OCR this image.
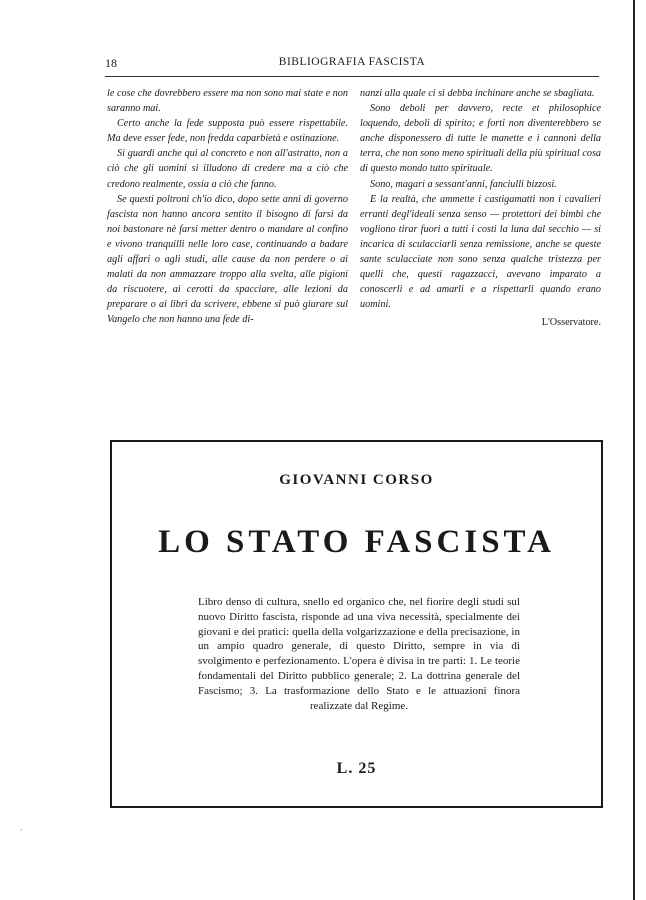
18	BIBLIOGRAFIA FASCISTA

le cose che dovrebbero essere ma non sono mai state e non saranno mai.

Certo anche la fede supposta può essere rispettabile. Ma deve esser fede, non fredda caparbietà e ostinazione.

Si guardi anche qui al concreto e non all'astratto, non a ciò che gli uomini si illudono di credere ma a ciò che credono realmente, ossia a ciò che fanno.

Se questi poltroni ch'io dico, dopo sette anni di governo fascista non hanno ancora sentito il bisogno di farsi da noi bastonare nè farsi metter dentro o mandare al confino e vivono tranquilli nelle loro case, continuando a badare agli affari o agli studi, alle cause da non perdere o ai malati da non ammazzare troppo alla svelta, alle pigioni da riscuotere, ai cerotti da spacciare, alle lezioni da preparare o ai libri da scrivere, ebbene si può giurare sul Vangelo che non hanno una fede di-

nanzi alla quale ci si debba inchinare anche se sbagliata.

Sono deboli per davvero, recte et philosophice loquendo, deboli di spirito; e forti non diventerebbero se anche disponessero di tutte le manette e i cannoni della terra, che non sono meno spirituali della più spiritual cosa di questo mondo tutto spirituale.

Sono, magari a sessant'anni, fanciulli bizzosi.

E la realtà, che ammette i castigamatti non i cavalieri erranti degl'ideali senza senso — protettori dei bimbi che vogliono tirar fuori a tutti i costi la luna dal secchio — si incarica di sculacciarli senza remissione, anche se queste sante sculacciate non sono senza qualche tristezza per quelli che, questi ragazzacci, avevano imparato a conoscerli e ad amarli e a rispettarli quando erano uomini.

L'Osservatore.

GIOVANNI CORSO
LO STATO FASCISTA
Libro denso di cultura, snello ed organico che, nel fiorire degli studi sul nuovo Diritto fascista, risponde ad una viva necessità, specialmente dei giovani e dei pratici: quella della volgarizzazione e della precisazione, in un ampio quadro generale, di questo Diritto, sempre in via di svolgimento e perfezionamento. L'opera è divisa in tre parti: 1. Le teorie fondamentali del Diritto pubblico generale; 2. La dottrina generale del Fascismo; 3. La trasformazione dello Stato e le attuazioni finora realizzate dal Regime.
L. 25
·
